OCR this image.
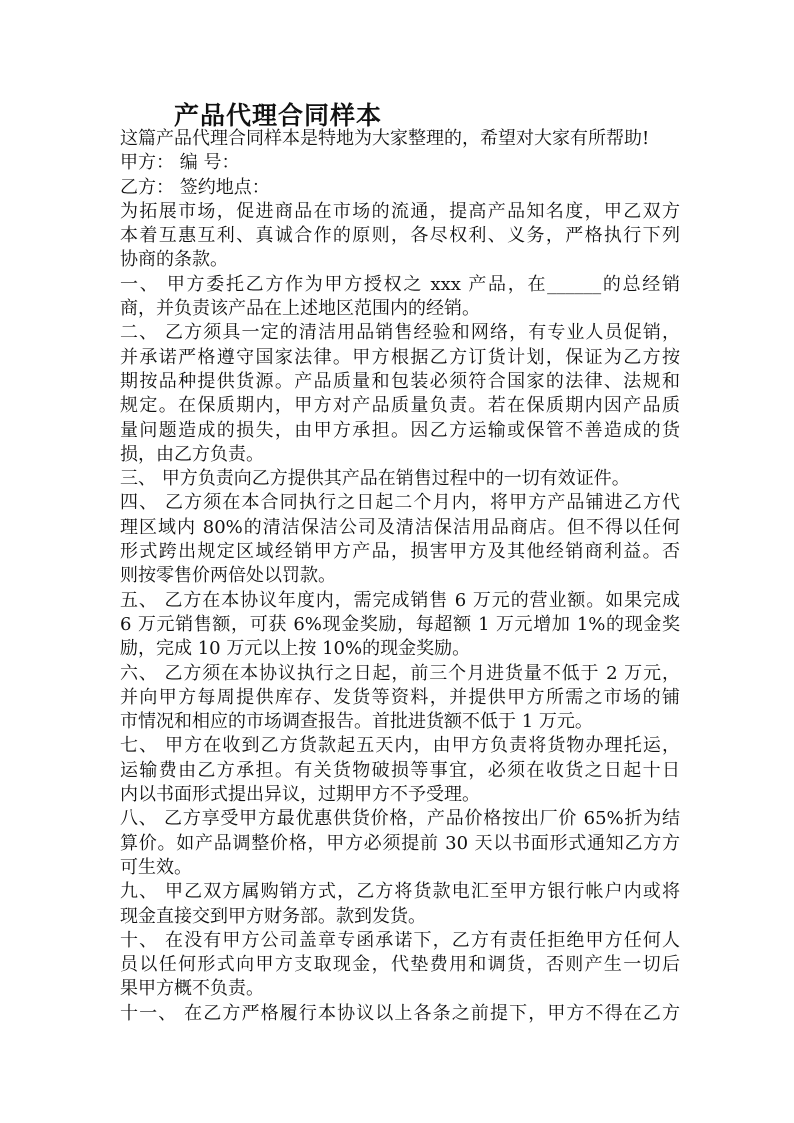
产品代理合同样本
这篇产品代理合同样本是特地为大家整理的，希望对大家有所帮助!
甲方： 编 号：
乙方： 签约地点：
为拓展市场，促进商品在市场的流通，提高产品知名度，甲乙双方
本着互惠互利、真诚合作的原则，各尽权利、义务，严格执行下列
协商的条款。
一、 甲方委托乙方作为甲方授权之 xxx 产品，在______的总经销
商，并负责该产品在上述地区范围内的经销。
二、 乙方须具一定的清洁用品销售经验和网络，有专业人员促销，
并承诺严格遵守国家法律。甲方根据乙方订货计划，保证为乙方按
期按品种提供货源。产品质量和包装必须符合国家的法律、法规和
规定。在保质期内，甲方对产品质量负责。若在保质期内因产品质
量问题造成的损失，由甲方承担。因乙方运输或保管不善造成的货
损，由乙方负责。
三、 甲方负责向乙方提供其产品在销售过程中的一切有效证件。
四、 乙方须在本合同执行之日起二个月内，将甲方产品铺进乙方代
理区域内 80%的清洁保洁公司及清洁保洁用品商店。但不得以任何
形式跨出规定区域经销甲方产品，损害甲方及其他经销商利益。否
则按零售价两倍处以罚款。
五、 乙方在本协议年度内，需完成销售 6 万元的营业额。如果完成
6 万元销售额，可获 6%现金奖励，每超额 1 万元增加 1%的现金奖
励，完成 10 万元以上按 10%的现金奖励。
六、 乙方须在本协议执行之日起，前三个月进货量不低于 2 万元，
并向甲方每周提供库存、发货等资料，并提供甲方所需之市场的铺
市情况和相应的市场调查报告。首批进货额不低于 1 万元。
七、 甲方在收到乙方货款起五天内，由甲方负责将货物办理托运，
运输费由乙方承担。有关货物破损等事宜，必须在收货之日起十日
内以书面形式提出异议，过期甲方不予受理。
八、 乙方享受甲方最优惠供货价格，产品价格按出厂价 65%折为结
算价。如产品调整价格，甲方必须提前 30 天以书面形式通知乙方方
可生效。
九、 甲乙双方属购销方式，乙方将货款电汇至甲方银行帐户内或将
现金直接交到甲方财务部。款到发货。
十、 在没有甲方公司盖章专函承诺下，乙方有责任拒绝甲方任何人
员以任何形式向甲方支取现金，代垫费用和调货，否则产生一切后
果甲方概不负责。
十一、 在乙方严格履行本协议以上各条之前提下，甲方不得在乙方
